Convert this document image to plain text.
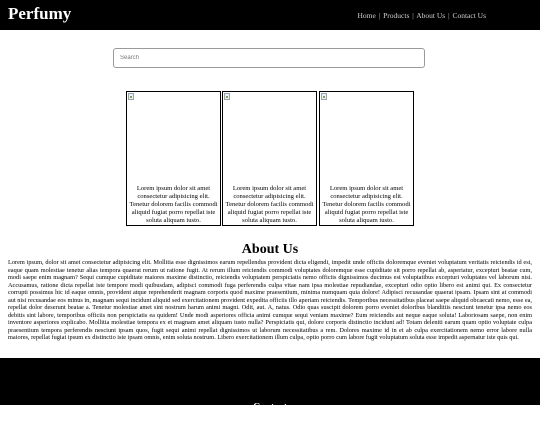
Perfumy	Home | Products | About Us | Contact Us
Search
Lorem ipsum dolor sit amet consectetur adipisicing elit. Tenetur dolorem facilis commodi aliquid fugiat porro repellat iste soluta aliquam iusto.
Lorem ipsum dolor sit amet consectetur adipisicing elit. Tenetur dolorem facilis commodi aliquid fugiat porro repellat iste soluta aliquam iusto.
Lorem ipsum dolor sit amet consectetur adipisicing elit. Tenetur dolorem facilis commodi aliquid fugiat porro repellat iste soluta aliquam iusto.
About Us
Lorem ipsum, dolor sit amet consectetur adipisicing elit. Mollitia esse dignissimos earum repellendus provident dicta eligendi, impedit unde officiis doloremque eveniet voluptatum veritatis reiciendis id est, eaque quam molestiae tenetur alias tempora quaerat rerum ut ratione fugit. At rerum illum reiciendis commodi voluptates doloremque esse cupiditate sit porro repellat ab, asperiatur, excepturi beatae cum, modi saepe enim magnam? Sequi cumque cupiditate maiores maxime distinctio, reiciendis voluptatem perspiciatis nemo officiis dignissimos ducimus est voluptatibus excepturi voluptates vel laborum nisi. Accusamus, ratione dicta repellat iste tempore modi quibusdam, adipisci commodi fuga perferendis culpa vitae nam ipsa molestiae repudiandae, excepturi odio optio libero est animi qui. Ex consectetur corrupti possimus hic id eaque omnis, provident atque reprehenderit magnam corporis quod maxime praesentium, minima numquam quia dolore! Adipisci recusandae quaerat ipsam. Ipsam sint at commodi aut nisi recusandae eos minus in, magnam sequi incidunt aliquid sed exercitationem provident expedita officiis illo aperiam reiciendis. Temporibus necessitatibus placeat saepe aliquid obcaecati nemo, esse ea, repellat dolor deserunt beatae a. Tenetur molestiae amet sint nostrum harum animi magni. Odit, aut. A, natus. Odio quas suscipit dolorem porro eveniet doloribus blanditiis nesciunt tenetur ipsa nemo eos debitis sint labore, temporibus officiis non perspiciatis ea quidem! Unde modi asperiores officia animi cumque sequi veniam maxime? Eum reiciendis aut neque eaque soluta! Laboriosam saepe, non enim inventore asperiores explicabo. Mollitia molestiae tempora ex et magnam amet aliquam iusto nulla? Perspiciatis qui, dolore corporis distinctio incidunt ad! Totam deleniti earum quam optio voluptate culpa praesentium tempora perferendis nesciunt ipsam quos, fugit sequi animi repellat dignissimos ut laborum necessitatibus a rem. Dolores maxime id in et ab culpa exercitationem nemo error labore nulla maiores, repellat fugiat ipsum ex distinctio iste ipsam omnis, enim soluta nostrum. Libero exercitationem illum culpa, optio porro cum labore fugit voluptatum soluta esse impedit aspernatur iste quis qui.
Contact
+91 9385987260
perfumeyyy@gmail.com
